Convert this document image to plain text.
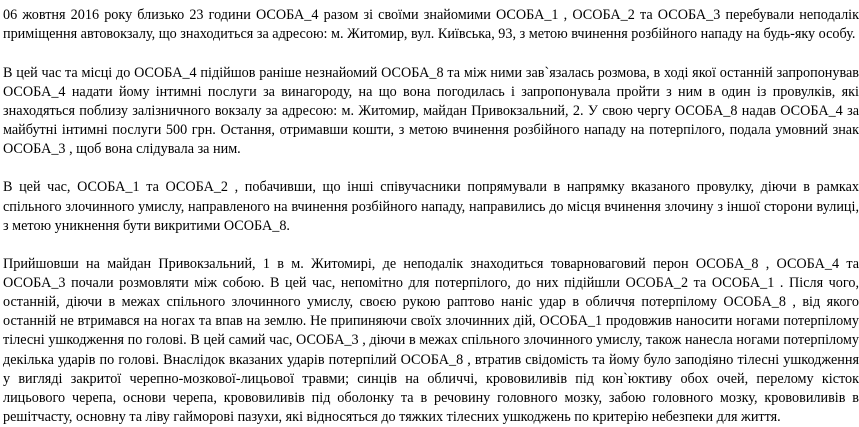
06 жовтня 2016 року близько 23 години ОСОБА_4 разом зі своїми знайомими ОСОБА_1 , ОСОБА_2 та ОСОБА_3 перебували неподалік приміщення автовокзалу, що знаходиться за адресою: м. Житомир, вул. Київська, 93, з метою вчинення розбійного нападу на будь-яку особу.

В цей час та місці до ОСОБА_4 підійшов раніше незнайомий ОСОБА_8 та між ними зав`язалась розмова, в ході якої останній запропонував ОСОБА_4 надати йому інтимні послуги за винагороду, на що вона погодилась і запропонувала пройти з ним в один із провулків, які знаходяться поблизу залізничного вокзалу за адресою: м. Житомир, майдан Привокзальний, 2. У свою чергу ОСОБА_8 надав ОСОБА_4 за майбутні інтимні послуги 500 грн. Остання, отримавши кошти, з метою вчинення розбійного нападу на потерпілого, подала умовний знак ОСОБА_3 , щоб вона слідувала за ним.

В цей час, ОСОБА_1 та ОСОБА_2 , побачивши, що інші співучасники попрямували в напрямку вказаного провулку, діючи в рамках спільного злочинного умислу, направленого на вчинення розбійного нападу, направились до місця вчинення злочину з іншої сторони вулиці, з метою уникнення бути викритими ОСОБА_8.

Прийшовши на майдан Привокзальний, 1 в м. Житомирі, де неподалік знаходиться товарноваговий перон ОСОБА_8 , ОСОБА_4 та ОСОБА_3 почали розмовляти між собою. В цей час, непомітно для потерпілого, до них підійшли ОСОБА_2 та ОСОБА_1 . Після чого, останній, діючи в межах спільного злочинного умислу, своєю рукою раптово наніс удар в обличчя потерпілому ОСОБА_8 , від якого останній не втримався на ногах та впав на землю. Не припиняючи своїх злочинних дій, ОСОБА_1 продовжив наносити ногами потерпілому тілесні ушкодження по голові. В цей самий час, ОСОБА_3 , діючи в межах спільного злочинного умислу, також нанесла ногами потерпілому декілька ударів по голові. Внаслідок вказаних ударів потерпілий ОСОБА_8 , втратив свідомість та йому було заподіяно тілесні ушкодження у вигляді закритої черепно-мозкової-лицьової травми; синців на обличчі, крововиливів під кон`юктиву обох очей, перелому кісток лицьового черепа, основи черепа, крововиливів під оболонку та в речовину головного мозку, забою головного мозку, крововиливів в решітчасту, основну та ліву гайморові пазухи, які відносяться до тяжких тілесних ушкоджень по критерію небезпеки для життя.
